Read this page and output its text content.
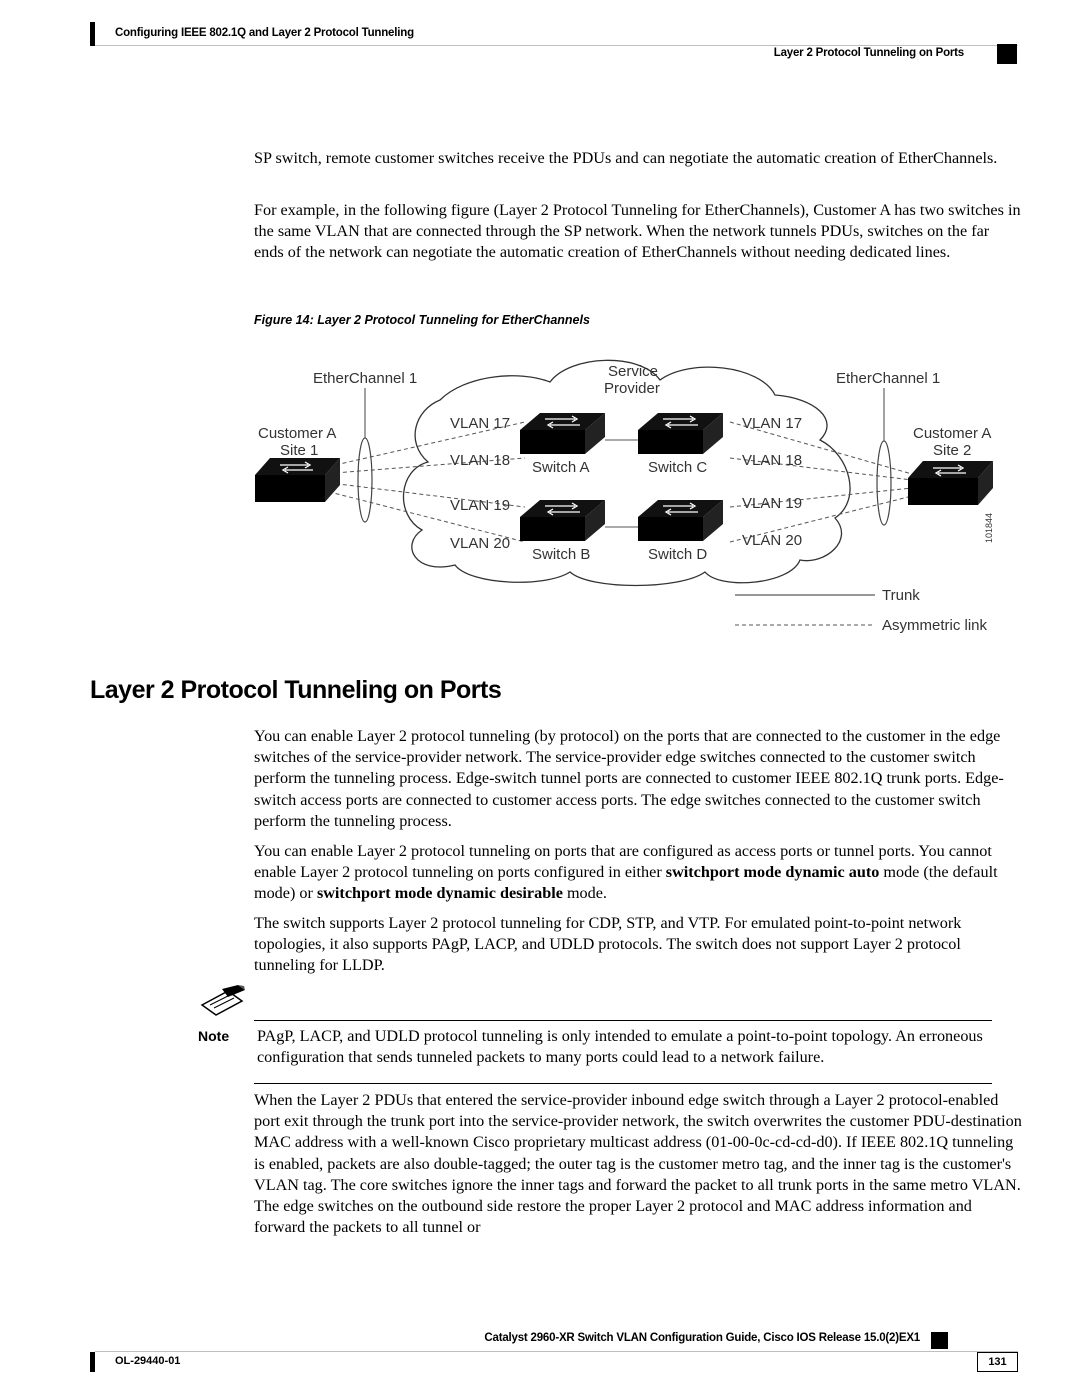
Configuring IEEE 802.1Q and Layer 2 Protocol Tunneling
Layer 2 Protocol Tunneling on Ports

SP switch, remote customer switches receive the PDUs and can negotiate the automatic creation of EtherChannels.

For example, in the following figure (Layer 2 Protocol Tunneling for EtherChannels), Customer A has two switches in the same VLAN that are connected through the SP network. When the network tunnels PDUs, switches on the far ends of the network can negotiate the automatic creation of EtherChannels without needing dedicated lines.

Figure 14: Layer 2 Protocol Tunneling for EtherChannels
EtherChannel 1	EtherChannel 1
Service
Provider
Customer A
Site 1
Customer A
Site 2
VLAN 17
VLAN 18
VLAN 19
VLAN 20
VLAN 17
VLAN 18
VLAN 19
VLAN 20
Switch A
Switch B
Switch C
Switch D
101844
Trunk
Asymmetric link
Layer 2 Protocol Tunneling on Ports

You can enable Layer 2 protocol tunneling (by protocol) on the ports that are connected to the customer in the edge switches of the service-provider network. The service-provider edge switches connected to the customer switch perform the tunneling process. Edge-switch tunnel ports are connected to customer IEEE 802.1Q trunk ports. Edge-switch access ports are connected to customer access ports. The edge switches connected to the customer switch perform the tunneling process.

You can enable Layer 2 protocol tunneling on ports that are configured as access ports or tunnel ports. You cannot enable Layer 2 protocol tunneling on ports configured in either switchport mode dynamic auto mode (the default mode) or switchport mode dynamic desirable mode.

The switch supports Layer 2 protocol tunneling for CDP, STP, and VTP. For emulated point-to-point network topologies, it also supports PAgP, LACP, and UDLD protocols. The switch does not support Layer 2 protocol tunneling for LLDP.

Note PAgP, LACP, and UDLD protocol tunneling is only intended to emulate a point-to-point topology. An erroneous configuration that sends tunneled packets to many ports could lead to a network failure.

When the Layer 2 PDUs that entered the service-provider inbound edge switch through a Layer 2 protocol-enabled port exit through the trunk port into the service-provider network, the switch overwrites the customer PDU-destination MAC address with a well-known Cisco proprietary multicast address (01-00-0c-cd-cd-d0). If IEEE 802.1Q tunneling is enabled, packets are also double-tagged; the outer tag is the customer metro tag, and the inner tag is the customer's VLAN tag. The core switches ignore the inner tags and forward the packet to all trunk ports in the same metro VLAN. The edge switches on the outbound side restore the proper Layer 2 protocol and MAC address information and forward the packets to all tunnel or

Catalyst 2960-XR Switch VLAN Configuration Guide, Cisco IOS Release 15.0(2)EX1
OL-29440-01	131
